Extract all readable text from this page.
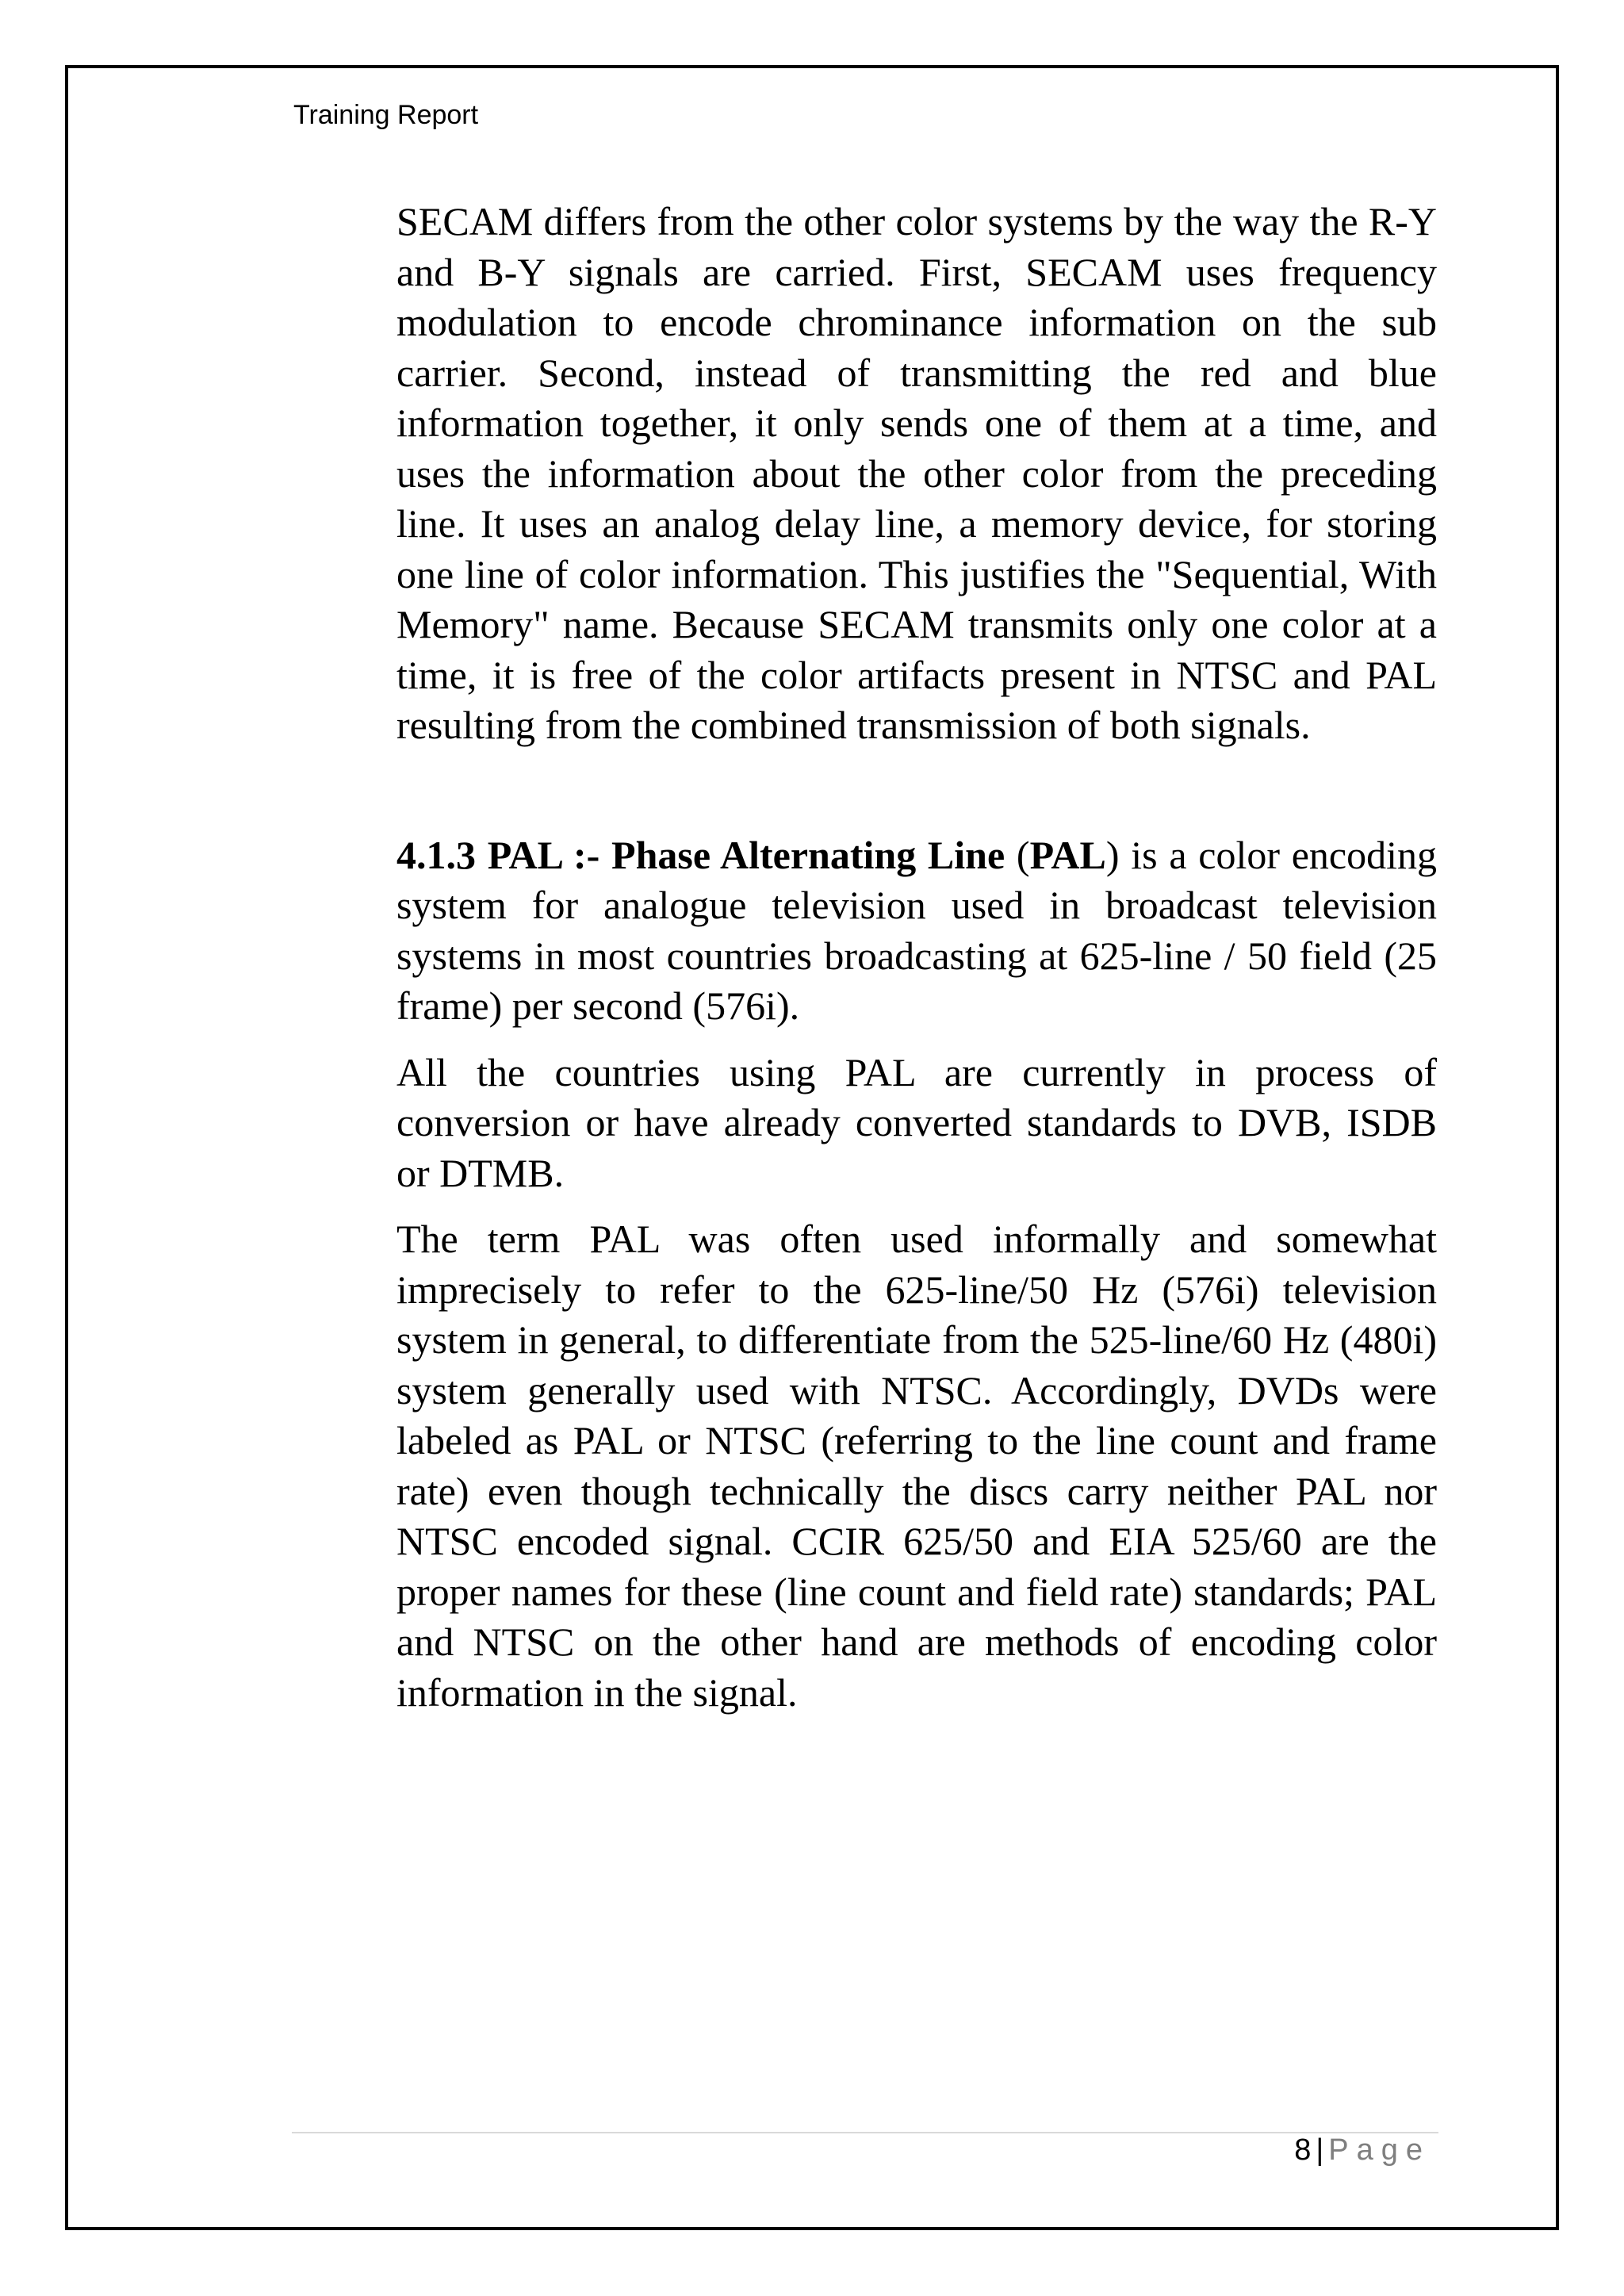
Training Report

SECAM differs from the other color systems by the way the R-Y and B-Y signals are carried. First, SECAM uses frequency modulation to encode chrominance information on the sub carrier. Second, instead of transmitting the red and blue information together, it only sends one of them at a time, and uses the information about the other color from the preceding line. It uses an analog delay line, a memory device, for storing one line of color information. This justifies the "Sequential, With Memory" name. Because SECAM transmits only one color at a time, it is free of the color artifacts present in NTSC and PAL resulting from the combined transmission of both signals.

4.1.3 PAL :- Phase Alternating Line (PAL) is a color encoding system for analogue television used in broadcast television systems in most countries broadcasting at 625-line / 50 field (25 frame) per second (576i).

All the countries using PAL are currently in process of conversion or have already converted standards to DVB, ISDB or DTMB.

The term PAL was often used informally and somewhat imprecisely to refer to the 625-line/50 Hz (576i) television system in general, to differentiate from the 525-line/60 Hz (480i) system generally used with NTSC. Accordingly, DVDs were labeled as PAL or NTSC (referring to the line count and frame rate) even though technically the discs carry neither PAL nor NTSC encoded signal. CCIR 625/50 and EIA 525/60 are the proper names for these (line count and field rate) standards; PAL and NTSC on the other hand are methods of encoding color information in the signal.

8 | Page
